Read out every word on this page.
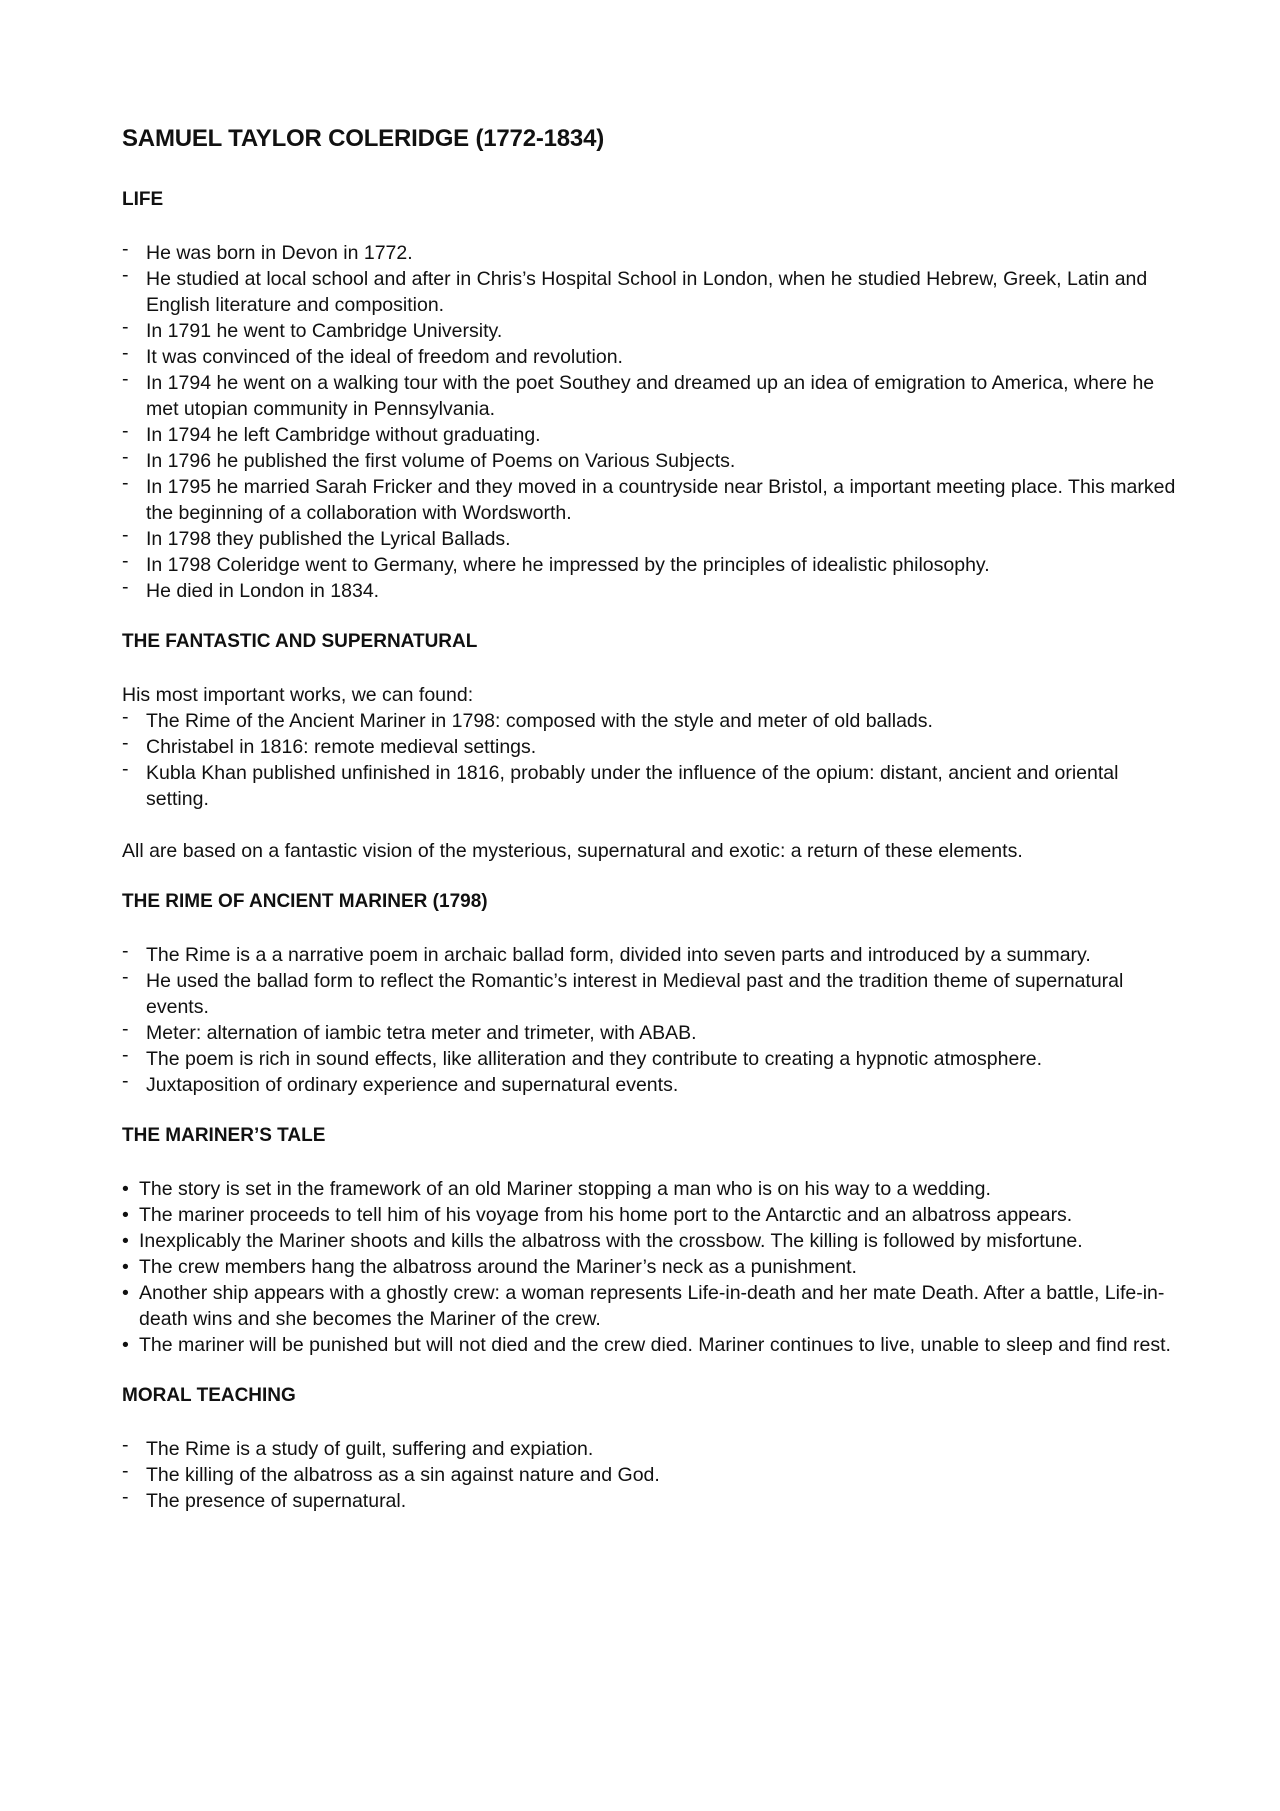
SAMUEL TAYLOR COLERIDGE (1772-1834)
LIFE
- He was born in Devon in 1772.
- He studied at local school and after in Chris’s Hospital School in London, when he studied Hebrew, Greek, Latin and English literature and composition.
- In 1791 he went to Cambridge University.
- It was convinced of the ideal of freedom and revolution.
- In 1794 he went on a walking tour with the poet Southey and dreamed up an idea of emigration to America, where he met utopian community in Pennsylvania.
- In 1794 he left Cambridge without graduating.
- In 1796 he published the first volume of Poems on Various Subjects.
- In 1795 he married Sarah Fricker and they moved in a countryside near Bristol, a important meeting place. This marked the beginning of a collaboration with Wordsworth.
- In 1798 they published the Lyrical Ballads.
- In 1798 Coleridge went to Germany, where he impressed by the principles of idealistic philosophy.
- He died in London in 1834.
THE FANTASTIC AND SUPERNATURAL

His most important works, we can found:

- The Rime of the Ancient Mariner in 1798: composed with the style and meter of old ballads.
- Christabel in 1816: remote medieval settings.
- Kubla Khan published unfinished in 1816, probably under the influence of the opium: distant, ancient and oriental setting.

All are based on a fantastic vision of the mysterious, supernatural and exotic: a return of these elements.

THE RIME OF ANCIENT MARINER (1798)
- The Rime is a a narrative poem in archaic ballad form, divided into seven parts and introduced by a summary.
- He used the ballad form to reflect the Romantic’s interest in Medieval past and the tradition theme of supernatural events.
- Meter: alternation of iambic tetra meter and trimeter, with ABAB.
- The poem is rich in sound effects, like alliteration and they contribute to creating a hypnotic atmosphere.
- Juxtaposition of ordinary experience and supernatural events.
THE MARINER’S TALE
• The story is set in the framework of an old Mariner stopping a man who is on his way to a wedding.
• The mariner proceeds to tell him of his voyage from his home port to the Antarctic and an albatross appears.
• Inexplicably the Mariner shoots and kills the albatross with the crossbow. The killing is followed by misfortune.
• The crew members hang the albatross around the Mariner’s neck as a punishment.
• Another ship appears with a ghostly crew: a woman represents Life-in-death and her mate Death. After a battle, Life-in-death wins and she becomes the Mariner of the crew.
• The mariner will be punished but will not died and the crew died. Mariner continues to live, unable to sleep and find rest.
MORAL TEACHING
- The Rime is a study of guilt, suffering and expiation.
- The killing of the albatross as a sin against nature and God.
- The presence of supernatural.
